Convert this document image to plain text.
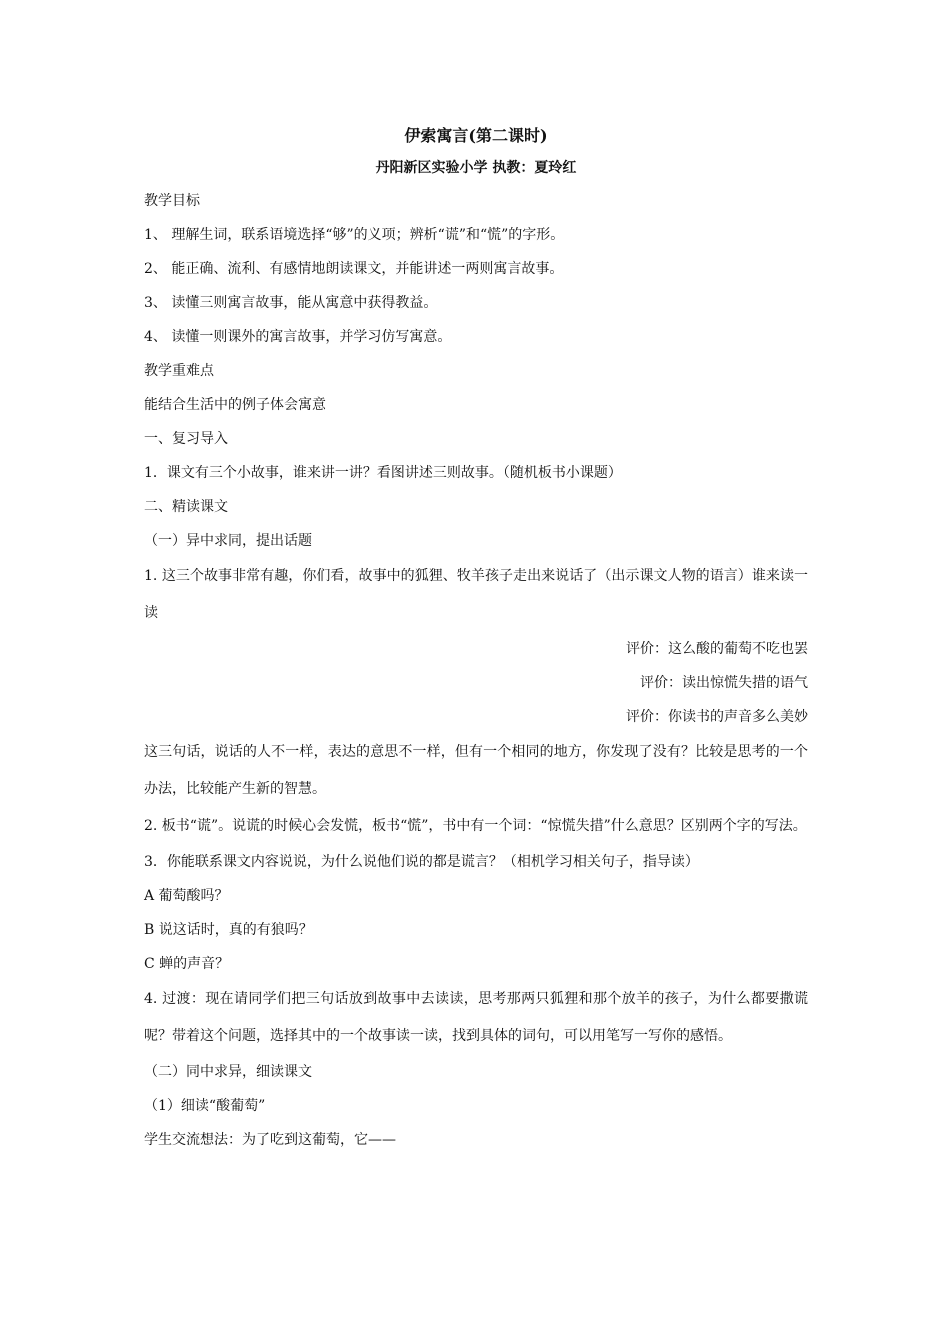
伊索寓言(第二课时)
丹阳新区实验小学 执教：夏玲红
教学目标
1、 理解生词，联系语境选择“够”的义项；辨析“谎”和“慌”的字形。
2、 能正确、流利、有感情地朗读课文，并能讲述一两则寓言故事。
3、 读懂三则寓言故事，能从寓意中获得教益。
4、 读懂一则课外的寓言故事，并学习仿写寓意。
教学重难点
能结合生活中的例子体会寓意
一、复习导入
1．课文有三个小故事，谁来讲一讲？看图讲述三则故事。（随机板书小课题）
二、精读课文
（一）异中求同，提出话题
1. 这三个故事非常有趣，你们看，故事中的狐狸、牧羊孩子走出来说话了（出示课文人物的语言）谁来读一读
评价：这么酸的葡萄不吃也罢
评价：读出惊慌失措的语气
评价：你读书的声音多么美妙
这三句话，说话的人不一样，表达的意思不一样，但有一个相同的地方，你发现了没有？比较是思考的一个办法，比较能产生新的智慧。
2. 板书“谎”。说谎的时候心会发慌，板书“慌”，书中有一个词：“惊慌失措”什么意思？区别两个字的写法。
3．你能联系课文内容说说，为什么说他们说的都是谎言？（相机学习相关句子，指导读）
A 葡萄酸吗？
B 说这话时，真的有狼吗？
C 蝉的声音？
4. 过渡：现在请同学们把三句话放到故事中去读读，思考那两只狐狸和那个放羊的孩子，为什么都要撒谎呢？带着这个问题，选择其中的一个故事读一读，找到具体的词句，可以用笔写一写你的感悟。
（二）同中求异，细读课文
（1）细读“酸葡萄”
学生交流想法：为了吃到这葡萄，它——
